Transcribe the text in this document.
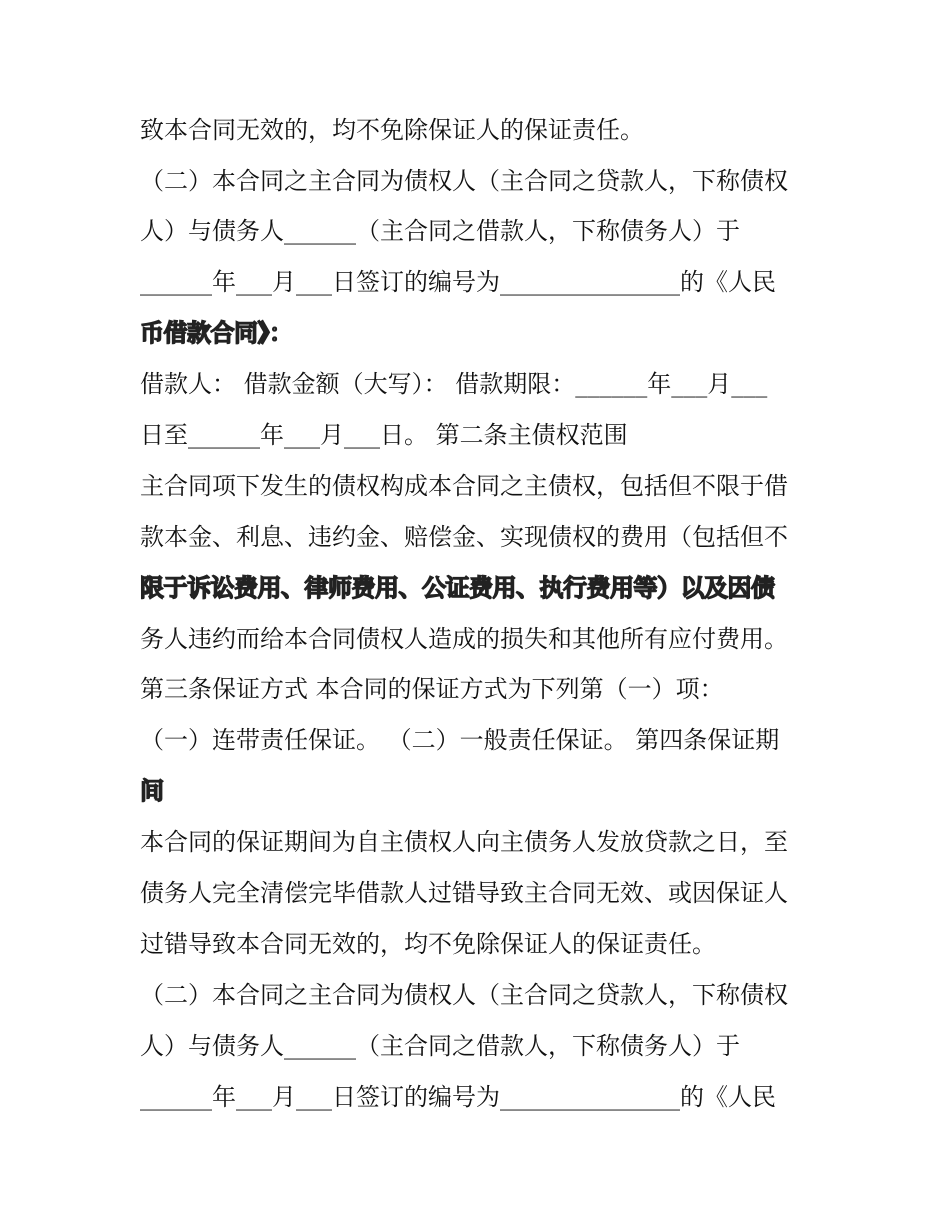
致本合同无效的，均不免除保证人的保证责任。
（二）本合同之主合同为债权人（主合同之贷款人，下称债权
人）与债务人______（主合同之借款人，下称债务人）于
______年___月___日签订的编号为_______________的《人民
币借款合同》：
借款人： 借款金额（大写）： 借款期限：______年___月___
日至______年___月___日。 第二条主债权范围
主合同项下发生的债权构成本合同之主债权，包括但不限于借
款本金、利息、违约金、赔偿金、实现债权的费用（包括但不
限于诉讼费用、律师费用、公证费用、执行费用等）以及因债
务人违约而给本合同债权人造成的损失和其他所有应付费用。
第三条保证方式 本合同的保证方式为下列第（一）项：
（一）连带责任保证。 （二）一般责任保证。 第四条保证期
间
本合同的保证期间为自主债权人向主债务人发放贷款之日，至
债务人完全清偿完毕借款人过错导致主合同无效、或因保证人
过错导致本合同无效的，均不免除保证人的保证责任。
（二）本合同之主合同为债权人（主合同之贷款人，下称债权
人）与债务人______（主合同之借款人，下称债务人）于
______年___月___日签订的编号为_______________的《人民
